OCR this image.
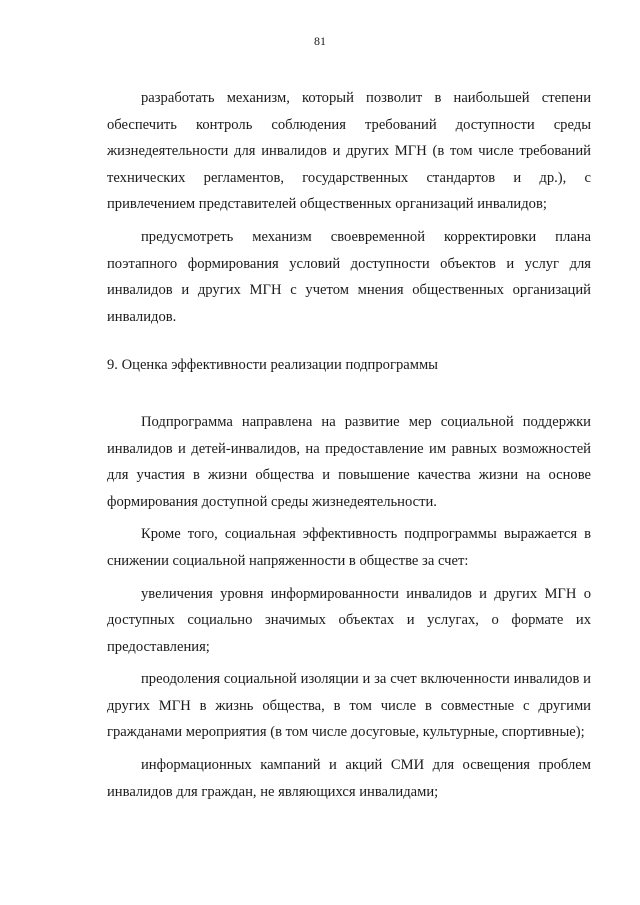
81

разработать механизм, который позволит в наибольшей степени обеспечить контроль соблюдения требований доступности среды жизнедеятельности для инвалидов и других МГН (в том числе требований технических регламентов, государственных стандартов и др.), с привлечением представителей общественных организаций инвалидов;

предусмотреть механизм своевременной корректировки плана поэтапного формирования условий доступности объектов и услуг для инвалидов и других МГН с учетом мнения общественных организаций инвалидов.

9. Оценка эффективности реализации подпрограммы

Подпрограмма направлена на развитие мер социальной поддержки инвалидов и детей-инвалидов, на предоставление им равных возможностей для участия в жизни общества и повышение качества жизни на основе формирования доступной среды жизнедеятельности.

Кроме того, социальная эффективность подпрограммы выражается в снижении социальной напряженности в обществе за счет:

увеличения уровня информированности инвалидов и других МГН о доступных социально значимых объектах и услугах, о формате их предоставления;

преодоления социальной изоляции и за счет включенности инвалидов и других МГН в жизнь общества, в том числе в совместные с другими гражданами мероприятия (в том числе досуговые, культурные, спортивные);

информационных кампаний и акций СМИ для освещения проблем инвалидов для граждан, не являющихся инвалидами;
